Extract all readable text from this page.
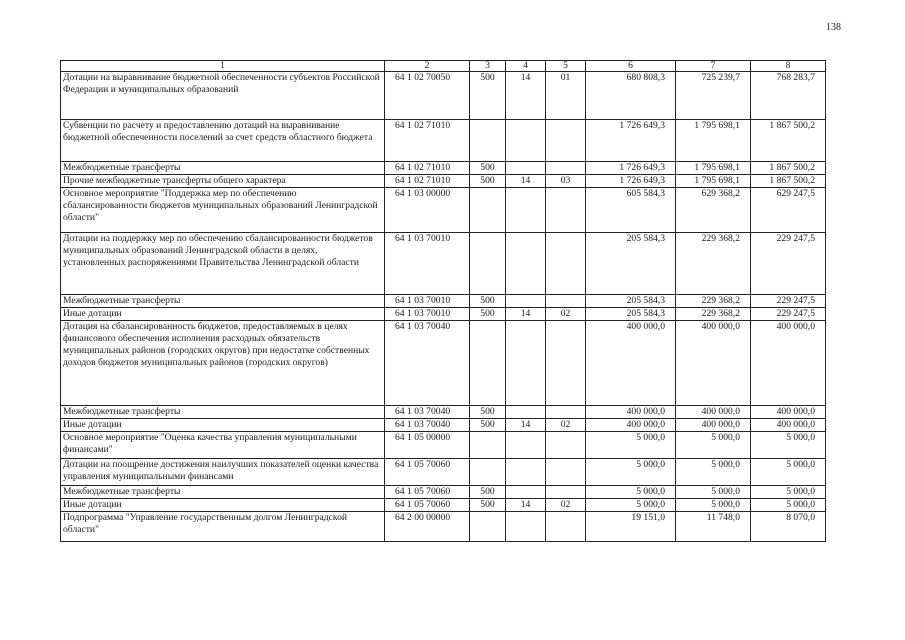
138
1	2	3	4	5	6	7	8
Дотации на выравнивание бюджетной обеспеченности субъектов Российской Федерации и муниципальных образований	64 1 02 70050	500	14	01	680 808,3	725 239,7	768 283,7
Субвенции по расчету и предоставлению дотаций на выравнивание бюджетной обеспеченности поселений за счет средств областного бюджета	64 1 02 71010				1 726 649,3	1 795 698,1	1 867 500,2
Межбюджетные трансферты	64 1 02 71010	500			1 726 649,3	1 795 698,1	1 867 500,2
Прочие межбюджетные трансферты общего характера	64 1 02 71010	500	14	03	1 726 649,3	1 795 698,1	1 867 500,2
Основное мероприятие "Поддержка мер по обеспечению сбалансированности бюджетов муниципальных образований Ленинградской области"	64 1 03 00000				605 584,3	629 368,2	629 247,5
Дотации на поддержку мер по обеспечению сбалансированности бюджетов муниципальных образований Ленинградской области в целях, установленных распоряжениями Правительства Ленинградской области	64 1 03 70010				205 584,3	229 368,2	229 247,5
Межбюджетные трансферты	64 1 03 70010	500			205 584,3	229 368,2	229 247,5
Иные дотации	64 1 03 70010	500	14	02	205 584,3	229 368,2	229 247,5
Дотация на сбалансированность бюджетов, предоставляемых в целях финансового обеспечения исполнения расходных обязательств муниципальных районов (городских округов) при недостатке собственных доходов бюджетов муниципальных районов (городских округов)	64 1 03 70040				400 000,0	400 000,0	400 000,0
Межбюджетные трансферты	64 1 03 70040	500			400 000,0	400 000,0	400 000,0
Иные дотации	64 1 03 70040	500	14	02	400 000,0	400 000,0	400 000,0
Основное мероприятие "Оценка качества управления муниципальными финансами"	64 1 05 00000				5 000,0	5 000,0	5 000,0
Дотации на поощрение достижения наилучших показателей оценки качества управления муниципальными финансами	64 1 05 70060				5 000,0	5 000,0	5 000,0
Межбюджетные трансферты	64 1 05 70060	500			5 000,0	5 000,0	5 000,0
Иные дотации	64 1 05 70060	500	14	02	5 000,0	5 000,0	5 000,0
Подпрограмма "Управление государственным долгом Ленинградской области"	64 2 00 00000				19 151,0	11 748,0	8 070,0
